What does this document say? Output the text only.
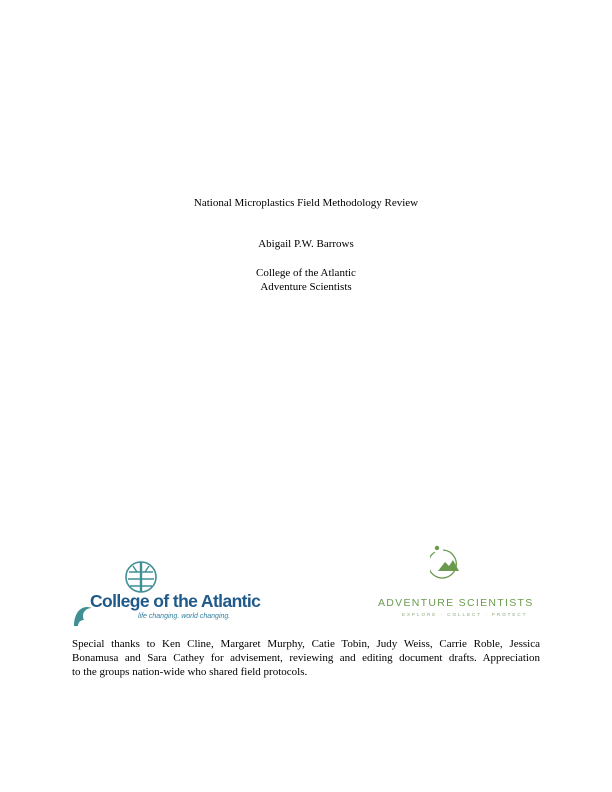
National Microplastics Field Methodology Review
Abigail P.W. Barrows
College of the Atlantic
Adventure Scientists
College of the Atlantic
life changing. world changing.
ADVENTURE SCIENTISTS
EXPLORE · COLLECT · PROTECT
Special thanks to Ken Cline, Margaret Murphy, Catie Tobin, Judy Weiss, Carrie Roble, Jessica
Bonamusa and Sara Cathey for advisement, reviewing and editing document drafts. Appreciation
to the groups nation-wide who shared field protocols.
